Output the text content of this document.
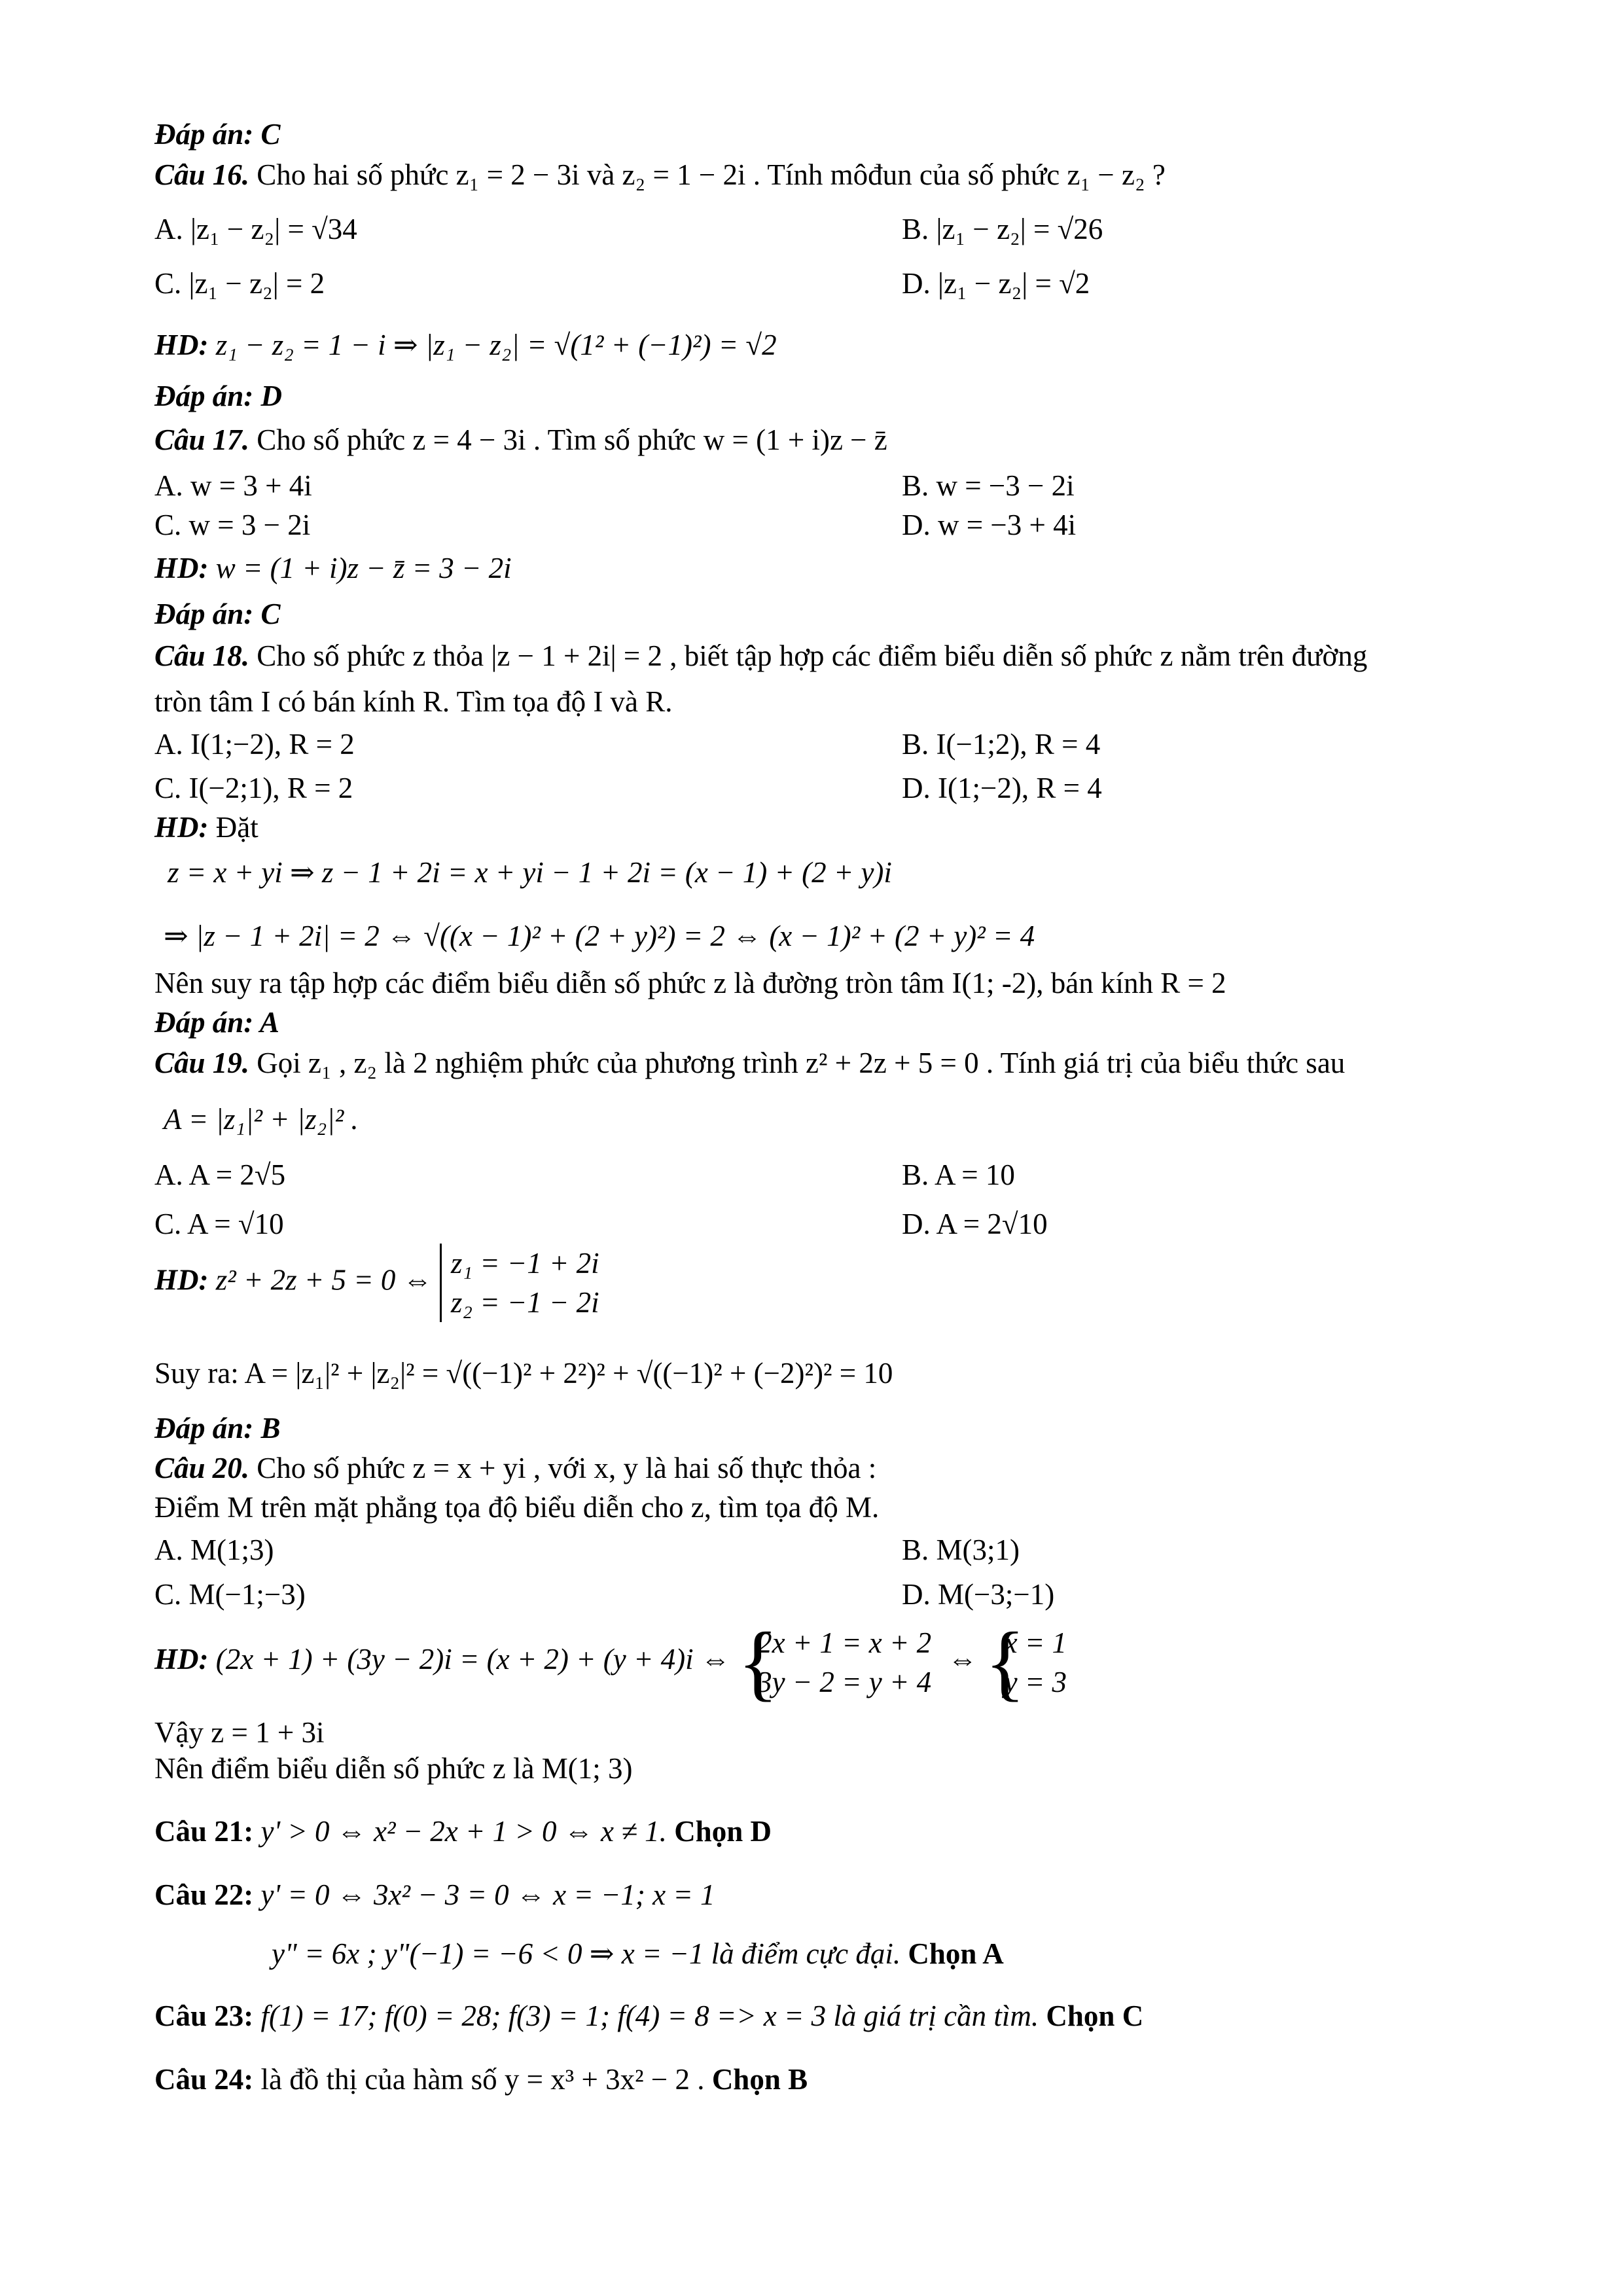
Đáp án: C
Câu 16. Cho hai số phức z₁ = 2 − 3i và z₂ = 1 − 2i . Tính môđun của số phức z₁ − z₂ ?
A. |z₁ − z₂| = √34	B. |z₁ − z₂| = √26
C. |z₁ − z₂| = 2	D. |z₁ − z₂| = √2
HD: z₁ − z₂ = 1 − i ⇒ |z₁ − z₂| = √(1² + (−1)²) = √2
Đáp án: D
Câu 17. Cho số phức z = 4 − 3i . Tìm số phức w = (1 + i)z − z̄
A. w = 3 + 4i	B. w = −3 − 2i
C. w = 3 − 2i	D. w = −3 + 4i
HD: w = (1 + i)z − z̄ = 3 − 2i
Đáp án: C
Câu 18. Cho số phức z thỏa |z − 1 + 2i| = 2 , biết tập hợp các điểm biểu diễn số phức z nằm trên đường
tròn tâm I có bán kính R. Tìm tọa độ I và R.
A. I(1;−2), R = 2	B. I(−1;2), R = 4
C. I(−2;1), R = 2	D. I(1;−2), R = 4
HD: Đặt
z = x + yi ⇒ z − 1 + 2i = x + yi − 1 + 2i = (x − 1) + (2 + y)i
⇒ |z − 1 + 2i| = 2 ⇔ √((x − 1)² + (2 + y)²) = 2 ⇔ (x − 1)² + (2 + y)² = 4
Nên suy ra tập hợp các điểm biểu diễn số phức z là đường tròn tâm I(1; -2), bán kính R = 2
Đáp án: A
Câu 19. Gọi z₁ , z₂ là 2 nghiệm phức của phương trình z² + 2z + 5 = 0 . Tính giá trị của biểu thức sau
A = |z₁|² + |z₂|² .
A. A = 2√5	B. A = 10
C. A = √10	D. A = 2√10
HD: z² + 2z + 5 = 0 ⇔
z₁ = −1 + 2i
z₂ = −1 − 2i
Suy ra: A = |z₁|² + |z₂|² = √((−1)² + 2²)² + √((−1)² + (−2)²)² = 10
Đáp án: B
Câu 20. Cho số phức z = x + yi , với x, y là hai số thực thỏa :
Điểm M trên mặt phẳng tọa độ biểu diễn cho z, tìm tọa độ M.
A. M(1;3)	B. M(3;1)
C. M(−1;−3)	D. M(−3;−1)
HD: (2x + 1) + (3y − 2)i = (x + 2) + (y + 4)i ⇔
{ 2x + 1 = x + 2
3y − 2 = y + 4
⇔
{ x = 1
y = 3
Vậy z = 1 + 3i
Nên điểm biểu diễn số phức z là M(1; 3)
Câu 21: y' > 0 ⇔ x² − 2x + 1 > 0 ⇔ x ≠ 1. Chọn D
Câu 22: y' = 0 ⇔ 3x² − 3 = 0 ⇔ x = −1; x = 1
y" = 6x ; y"(−1) = −6 < 0 ⇒ x = −1 là điểm cực đại. Chọn A
Câu 23: f(1) = 17; f(0) = 28; f(3) = 1; f(4) = 8 => x = 3 là giá trị cần tìm. Chọn C
Câu 24: là đồ thị của hàm số y = x³ + 3x² − 2 . Chọn B
